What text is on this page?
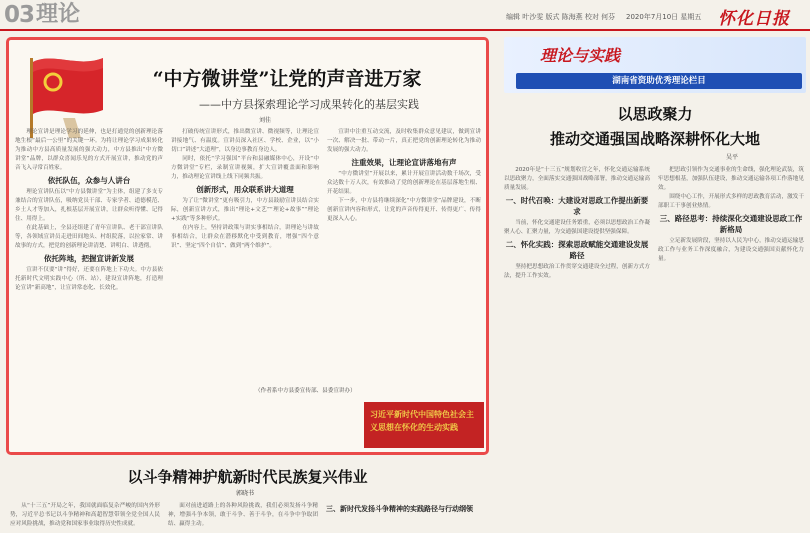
03 理论	编辑 叶沙雯 版式 陈海燕 校对 何芬 2020年7月10日 星期五 怀化日报
“中方微讲堂”让党的声音进万家
——中方县探索理论学习成果转化的基层实践
刘佳

理论宣讲是理论学习的延伸，也是打通党的创新理论落地生根“最后一公里”的关键一环。为将让理论学习成果转化为推动中方县高质量发展的强大动力，中方县推出“中方微讲堂”品牌，以群众喜闻乐见的方式开展宣讲，推动党的声音飞入寻常百姓家。

依托队伍，众参与人讲台

理论宣讲队伍以“中方县微讲堂”为主体，组建了多支专兼结合的宣讲队伍，吸纳党员干部、专家学者、道德模范、乡土人才等加入，扎根基层开展宣讲，让群众听得懂、记得住、用得上。

在此基础上，全县还组建了青年宣讲队、老干部宣讲队等，各领域宣讲员走进田间地头、村组院落，以拉家常、讲故事的方式，把党的创新理论讲清楚、讲明白、讲透彻。

依托阵地，把握宣讲新发展

宣讲不仅要“讲”得好，还要在阵地上下功夫。中方县依托新时代文明实践中心（所、站），建设宣讲阵地，打造理论宣讲“新高地”，让宣讲常态化、长效化。

打破传统宣讲形式，推出微宣讲、微视频等，让理论宣讲接地气、有温度。宣讲员深入社区、学校、企业，以“小切口”讲述“大道理”，以身边事教育身边人。

同时，依托“学习强国”平台和县融媒体中心，开设“中方微讲堂”专栏，录制宣讲视频，扩大宣讲覆盖面和影响力，推动理论宣讲线上线下同频共振。

创新形式，用众联系讲大道理

为了让“微讲堂”更有吸引力，中方县鼓励宣讲员结合实际，创新宣讲方式，推出“理论+文艺”“理论+故事”“理论+实践”等多种形式。

在内容上，坚持讲政策与讲实事相结合，讲理论与讲故事相结合，让群众在潜移默化中受到教育，增强“四个意识”、坚定“四个自信”、做到“两个维护”。

宣讲中注重互动交流，及时收集群众意见建议，做到宣讲一次、解决一批、带动一片，真正把党的创新理论转化为推动发展的强大动力。

注重效果，让理论宣讲落地有声

“中方微讲堂”开展以来，累计开展宣讲活动数千场次，受众达数十万人次，有效推动了党的创新理论在基层落地生根、开花结果。

下一步，中方县将继续深化“中方微讲堂”品牌建设，不断创新宣讲内容和形式，让党的声音传得更开、传得更广、传得更深入人心。

（作者系中方县委宣传部、县委宣讲办）
习近平新时代中国特色社会主义思想在怀化的生动实践
理论与实践
湖南省资助优秀理论栏目
以思政聚力
推动交通强国战略深耕怀化大地
吴平

2020年是“十三五”规划收官之年，怀化交通运输系统以思政聚力，全面落实交通强国战略部署，推动交通运输高质量发展。

一、时代召唤：大建设对思政工作提出新要求

当前，怀化交通建设任务繁重，必须以思想政治工作凝聚人心、汇聚力量，为交通强国建设提供坚强保障。

二、怀化实践：探索思政赋能交通建设发展路径

坚持把思想政治工作贯穿交通建设全过程，创新方式方法，提升工作实效。

把思政引领作为交通事业的生命线，强化理论武装，筑牢思想根基，加强队伍建设，推动交通运输各项工作落地见效。

围绕中心工作，开展形式多样的思政教育活动，激发干部职工干事创业热情。

三、路径思考：持续深化交通建设思政工作新格局

立足新发展阶段，坚持以人民为中心，推动交通运输思政工作与业务工作深度融合，为建设交通强国贡献怀化力量。

以斗争精神护航新时代民族复兴伟业
郭晓书

从“十三五”开局之年，我国就面临复杂严峻的国内外形势，习近平总书记以斗争精神和高超智慧带领全党全国人民应对风险挑战，推动党和国家事业取得历史性成就。

面对前进道路上的各种风险挑战，我们必须发扬斗争精神，增强斗争本领，敢于斗争、善于斗争，在斗争中争取团结、赢得主动。

三、新时代发扬斗争精神的实践路径与行动纲领
